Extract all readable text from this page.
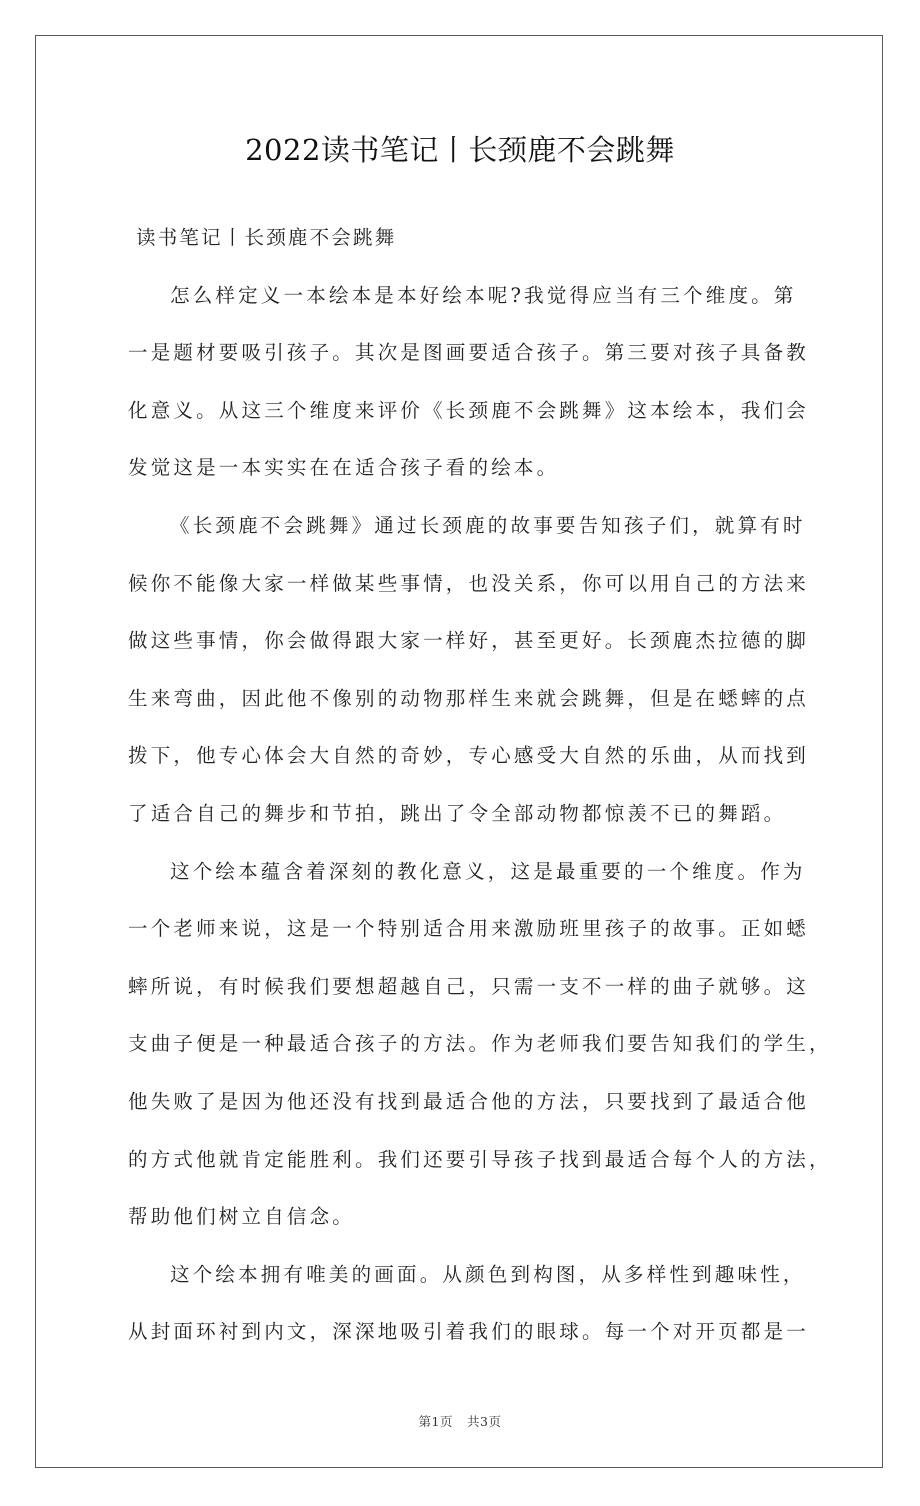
2022读书笔记丨长颈鹿不会跳舞
读书笔记丨长颈鹿不会跳舞
怎么样定义一本绘本是本好绘本呢?我觉得应当有三个维度。第
一是题材要吸引孩子。其次是图画要适合孩子。第三要对孩子具备教
化意义。从这三个维度来评价《长颈鹿不会跳舞》这本绘本，我们会
发觉这是一本实实在在适合孩子看的绘本。
《长颈鹿不会跳舞》通过长颈鹿的故事要告知孩子们，就算有时
候你不能像大家一样做某些事情，也没关系，你可以用自己的方法来
做这些事情，你会做得跟大家一样好，甚至更好。长颈鹿杰拉德的脚
生来弯曲，因此他不像别的动物那样生来就会跳舞，但是在蟋蟀的点
拨下，他专心体会大自然的奇妙，专心感受大自然的乐曲，从而找到
了适合自己的舞步和节拍，跳出了令全部动物都惊羡不已的舞蹈。
这个绘本蕴含着深刻的教化意义，这是最重要的一个维度。作为
一个老师来说，这是一个特别适合用来激励班里孩子的故事。正如蟋
蟀所说，有时候我们要想超越自己，只需一支不一样的曲子就够。这
支曲子便是一种最适合孩子的方法。作为老师我们要告知我们的学生，
他失败了是因为他还没有找到最适合他的方法，只要找到了最适合他
的方式他就肯定能胜利。我们还要引导孩子找到最适合每个人的方法，
帮助他们树立自信念。
这个绘本拥有唯美的画面。从颜色到构图，从多样性到趣味性，
从封面环衬到内文，深深地吸引着我们的眼球。每一个对开页都是一
第1页 共3页
